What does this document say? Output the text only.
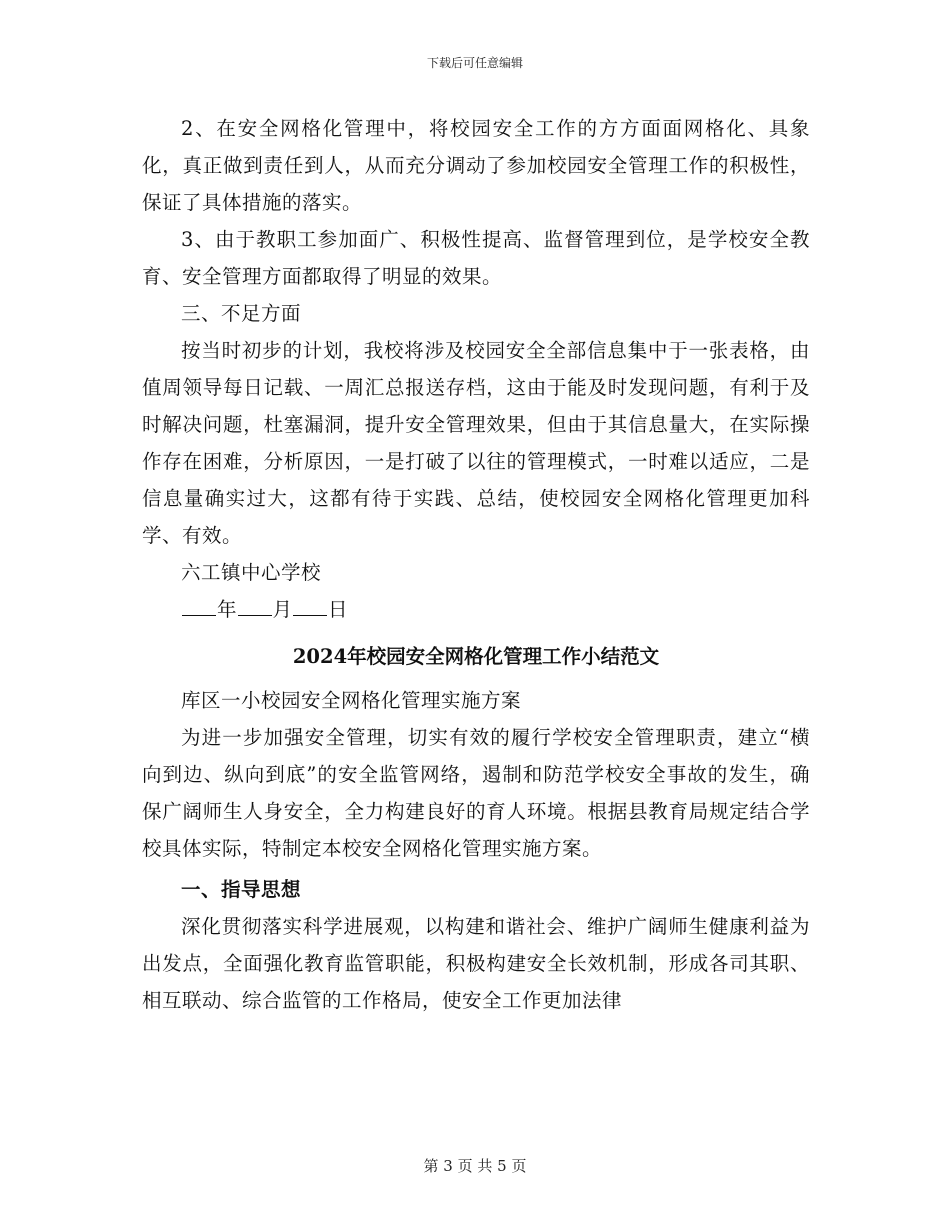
下载后可任意编辑

2、在安全网格化管理中，将校园安全工作的方方面面网格化、具象化，真正做到责任到人，从而充分调动了参加校园安全管理工作的积极性，保证了具体措施的落实。

3、由于教职工参加面广、积极性提高、监督管理到位，是学校安全教育、安全管理方面都取得了明显的效果。

三、不足方面

按当时初步的计划，我校将涉及校园安全全部信息集中于一张表格，由值周领导每日记载、一周汇总报送存档，这由于能及时发现问题，有利于及时解决问题，杜塞漏洞，提升安全管理效果，但由于其信息量大，在实际操作存在困难，分析原因，一是打破了以往的管理模式，一时难以适应，二是信息量确实过大，这都有待于实践、总结，使校园安全网格化管理更加科学、有效。

六工镇中心学校

年 月 日

2024年校园安全网格化管理工作小结范文

库区一小校园安全网格化管理实施方案

为进一步加强安全管理，切实有效的履行学校安全管理职责，建立“横向到边、纵向到底”的安全监管网络，遏制和防范学校安全事故的发生，确保广阔师生人身安全，全力构建良好的育人环境。根据县教育局规定结合学校具体实际，特制定本校安全网格化管理实施方案。

一、指导思想

深化贯彻落实科学进展观，以构建和谐社会、维护广阔师生健康利益为出发点，全面强化教育监管职能，积极构建安全长效机制，形成各司其职、相互联动、综合监管的工作格局，使安全工作更加法律

第 3 页 共 5 页
